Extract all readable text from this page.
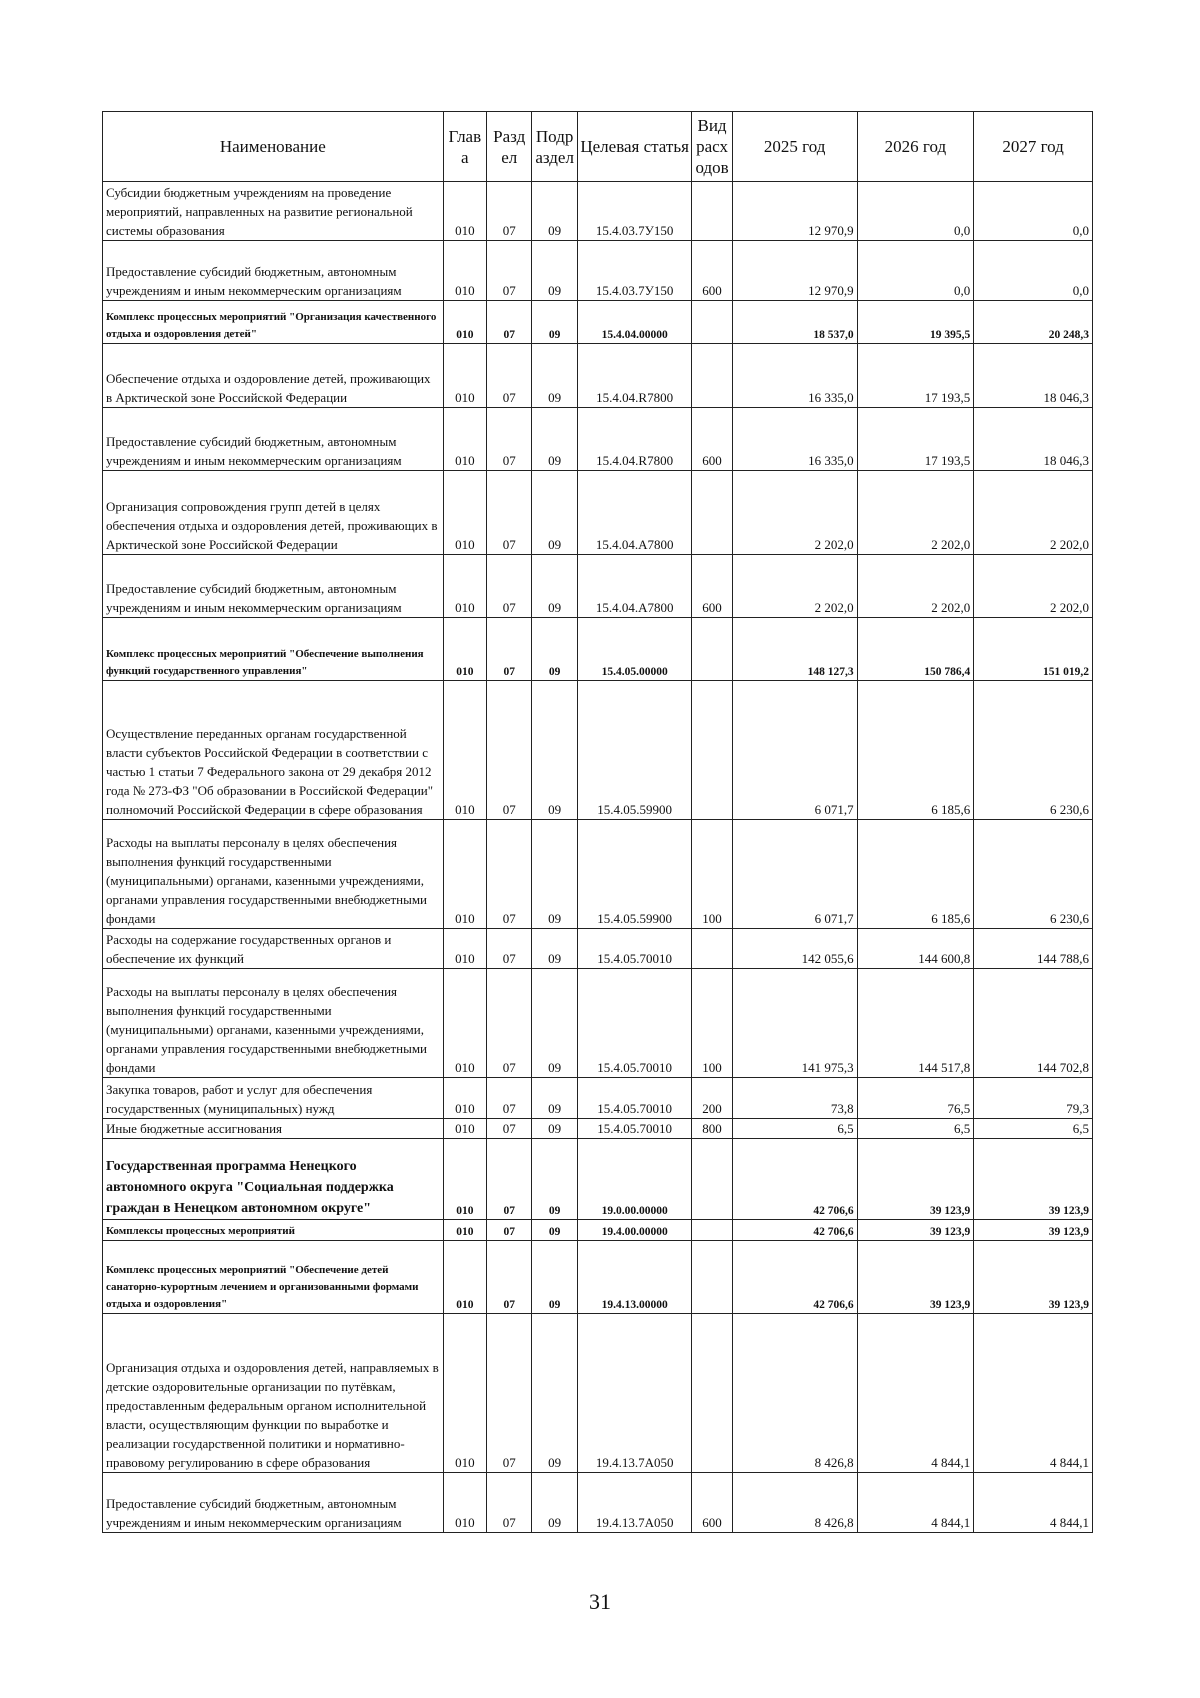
Наименование	Глав а	Разд ел	Подр аздел	Целевая статья	Вид расх одов	2025 год	2026 год	2027 год
Субсидии бюджетным учреждениям на проведение мероприятий, направленных на развитие региональной системы образования	010	07	09	15.4.03.7У150		12 970,9	0,0	0,0
Предоставление субсидий бюджетным, автономным учреждениям и иным некоммерческим организациям	010	07	09	15.4.03.7У150	600	12 970,9	0,0	0,0
Комплекс процессных мероприятий "Организация качественного отдыха и оздоровления детей"	010	07	09	15.4.04.00000		18 537,0	19 395,5	20 248,3
Обеспечение отдыха и оздоровление детей, проживающих в Арктической зоне Российской Федерации	010	07	09	15.4.04.R7800		16 335,0	17 193,5	18 046,3
Предоставление субсидий бюджетным, автономным учреждениям и иным некоммерческим организациям	010	07	09	15.4.04.R7800	600	16 335,0	17 193,5	18 046,3
Организация сопровождения групп детей в целях обеспечения отдыха и оздоровления детей, проживающих в Арктической зоне Российской Федерации	010	07	09	15.4.04.А7800		2 202,0	2 202,0	2 202,0
Предоставление субсидий бюджетным, автономным учреждениям и иным некоммерческим организациям	010	07	09	15.4.04.А7800	600	2 202,0	2 202,0	2 202,0
Комплекс процессных мероприятий "Обеспечение выполнения функций государственного управления"	010	07	09	15.4.05.00000		148 127,3	150 786,4	151 019,2
Осуществление переданных органам государственной власти субъектов Российской Федерации в соответствии с частью 1 статьи 7 Федерального закона от 29 декабря 2012 года № 273-ФЗ "Об образовании в Российской Федерации" полномочий Российской Федерации в сфере образования	010	07	09	15.4.05.59900		6 071,7	6 185,6	6 230,6
Расходы на выплаты персоналу в целях обеспечения выполнения функций государственными (муниципальными) органами, казенными учреждениями, органами управления государственными внебюджетными фондами	010	07	09	15.4.05.59900	100	6 071,7	6 185,6	6 230,6
Расходы на содержание государственных органов и обеспечение их функций	010	07	09	15.4.05.70010		142 055,6	144 600,8	144 788,6
Расходы на выплаты персоналу в целях обеспечения выполнения функций государственными (муниципальными) органами, казенными учреждениями, органами управления государственными внебюджетными фондами	010	07	09	15.4.05.70010	100	141 975,3	144 517,8	144 702,8
Закупка товаров, работ и услуг для обеспечения государственных (муниципальных) нужд	010	07	09	15.4.05.70010	200	73,8	76,5	79,3
Иные бюджетные ассигнования	010	07	09	15.4.05.70010	800	6,5	6,5	6,5
Государственная программа Ненецкого автономного округа "Социальная поддержка граждан в Ненецком автономном округе"	010	07	09	19.0.00.00000		42 706,6	39 123,9	39 123,9
Комплексы процессных мероприятий	010	07	09	19.4.00.00000		42 706,6	39 123,9	39 123,9
Комплекс процессных мероприятий "Обеспечение детей санаторно-курортным лечением и организованными формами отдыха и оздоровления"	010	07	09	19.4.13.00000		42 706,6	39 123,9	39 123,9
Организация отдыха и оздоровления детей, направляемых в детские оздоровительные организации по путёвкам, предоставленным федеральным органом исполнительной власти, осуществляющим функции по выработке и реализации государственной политики и нормативно-правовому регулированию в сфере образования	010	07	09	19.4.13.7А050		8 426,8	4 844,1	4 844,1
Предоставление субсидий бюджетным, автономным учреждениям и иным некоммерческим организациям	010	07	09	19.4.13.7А050	600	8 426,8	4 844,1	4 844,1
31
